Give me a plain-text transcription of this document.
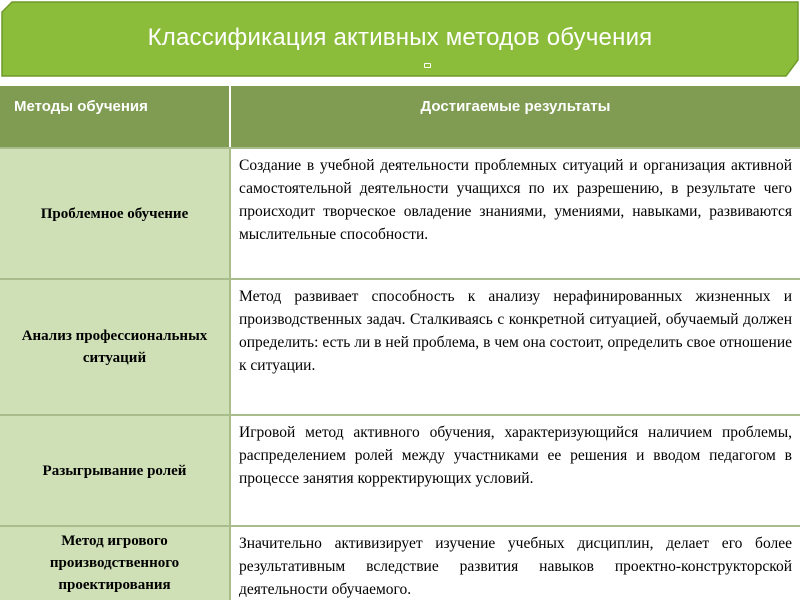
Классификация активных методов обучения
Методы обучения	Достигаемые результаты
Проблемное обучение
Создание в учебной деятельности проблемных ситуаций и организация активной самостоятельной деятельности учащихся по их разрешению, в результате чего происходит творческое овладение знаниями, умениями, навыками, развиваются мыслительные способности.
Анализ профессиональных ситуаций
Метод развивает способность к анализу нерафинированных жизненных и производственных задач. Сталкиваясь с конкретной ситуацией, обучаемый должен определить: есть ли в ней проблема, в чем она состоит, определить свое отношение к ситуации.
Разыгрывание ролей
Игровой метод активного обучения, характеризующийся наличием проблемы, распределением ролей между участниками ее решения и вводом педагогом в процессе занятия корректирующих условий.
Метод игрового производственного проектирования
Значительно активизирует изучение учебных дисциплин, делает его более результативным вследствие развития навыков проектно-конструкторской деятельности обучаемого.
